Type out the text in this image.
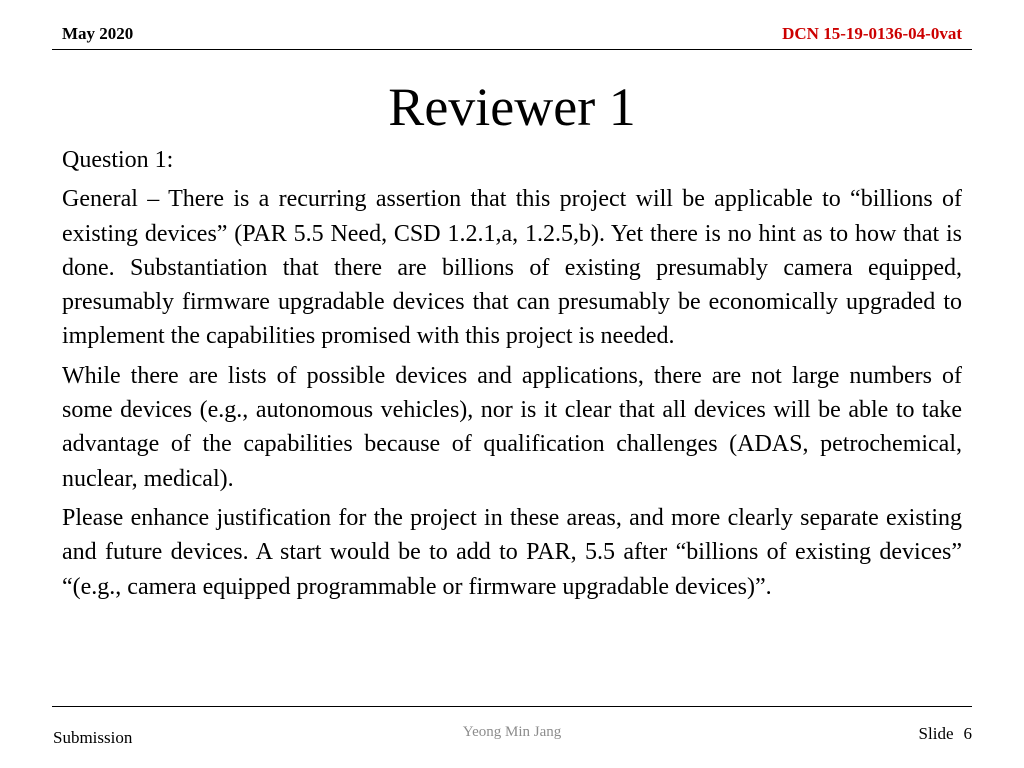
May 2020	DCN 15-19-0136-04-0vat
Reviewer 1

Question 1:

General – There is a recurring assertion that this project will be applicable to “billions of existing devices” (PAR 5.5 Need, CSD 1.2.1,a, 1.2.5,b). Yet there is no hint as to how that is done. Substantiation that there are billions of existing presumably camera equipped, presumably firmware upgradable devices that can presumably be economically upgraded to implement the capabilities promised with this project is needed.

While there are lists of possible devices and applications, there are not large numbers of some devices (e.g., autonomous vehicles), nor is it clear that all devices will be able to take advantage of the capabilities because of qualification challenges (ADAS, petrochemical, nuclear, medical).

Please enhance justification for the project in these areas, and more clearly separate existing and future devices. A start would be to add to PAR, 5.5 after “billions of existing devices” “(e.g., camera equipped programmable or firmware upgradable devices)”.

Submission	Yeong Min Jang	Slide 6
